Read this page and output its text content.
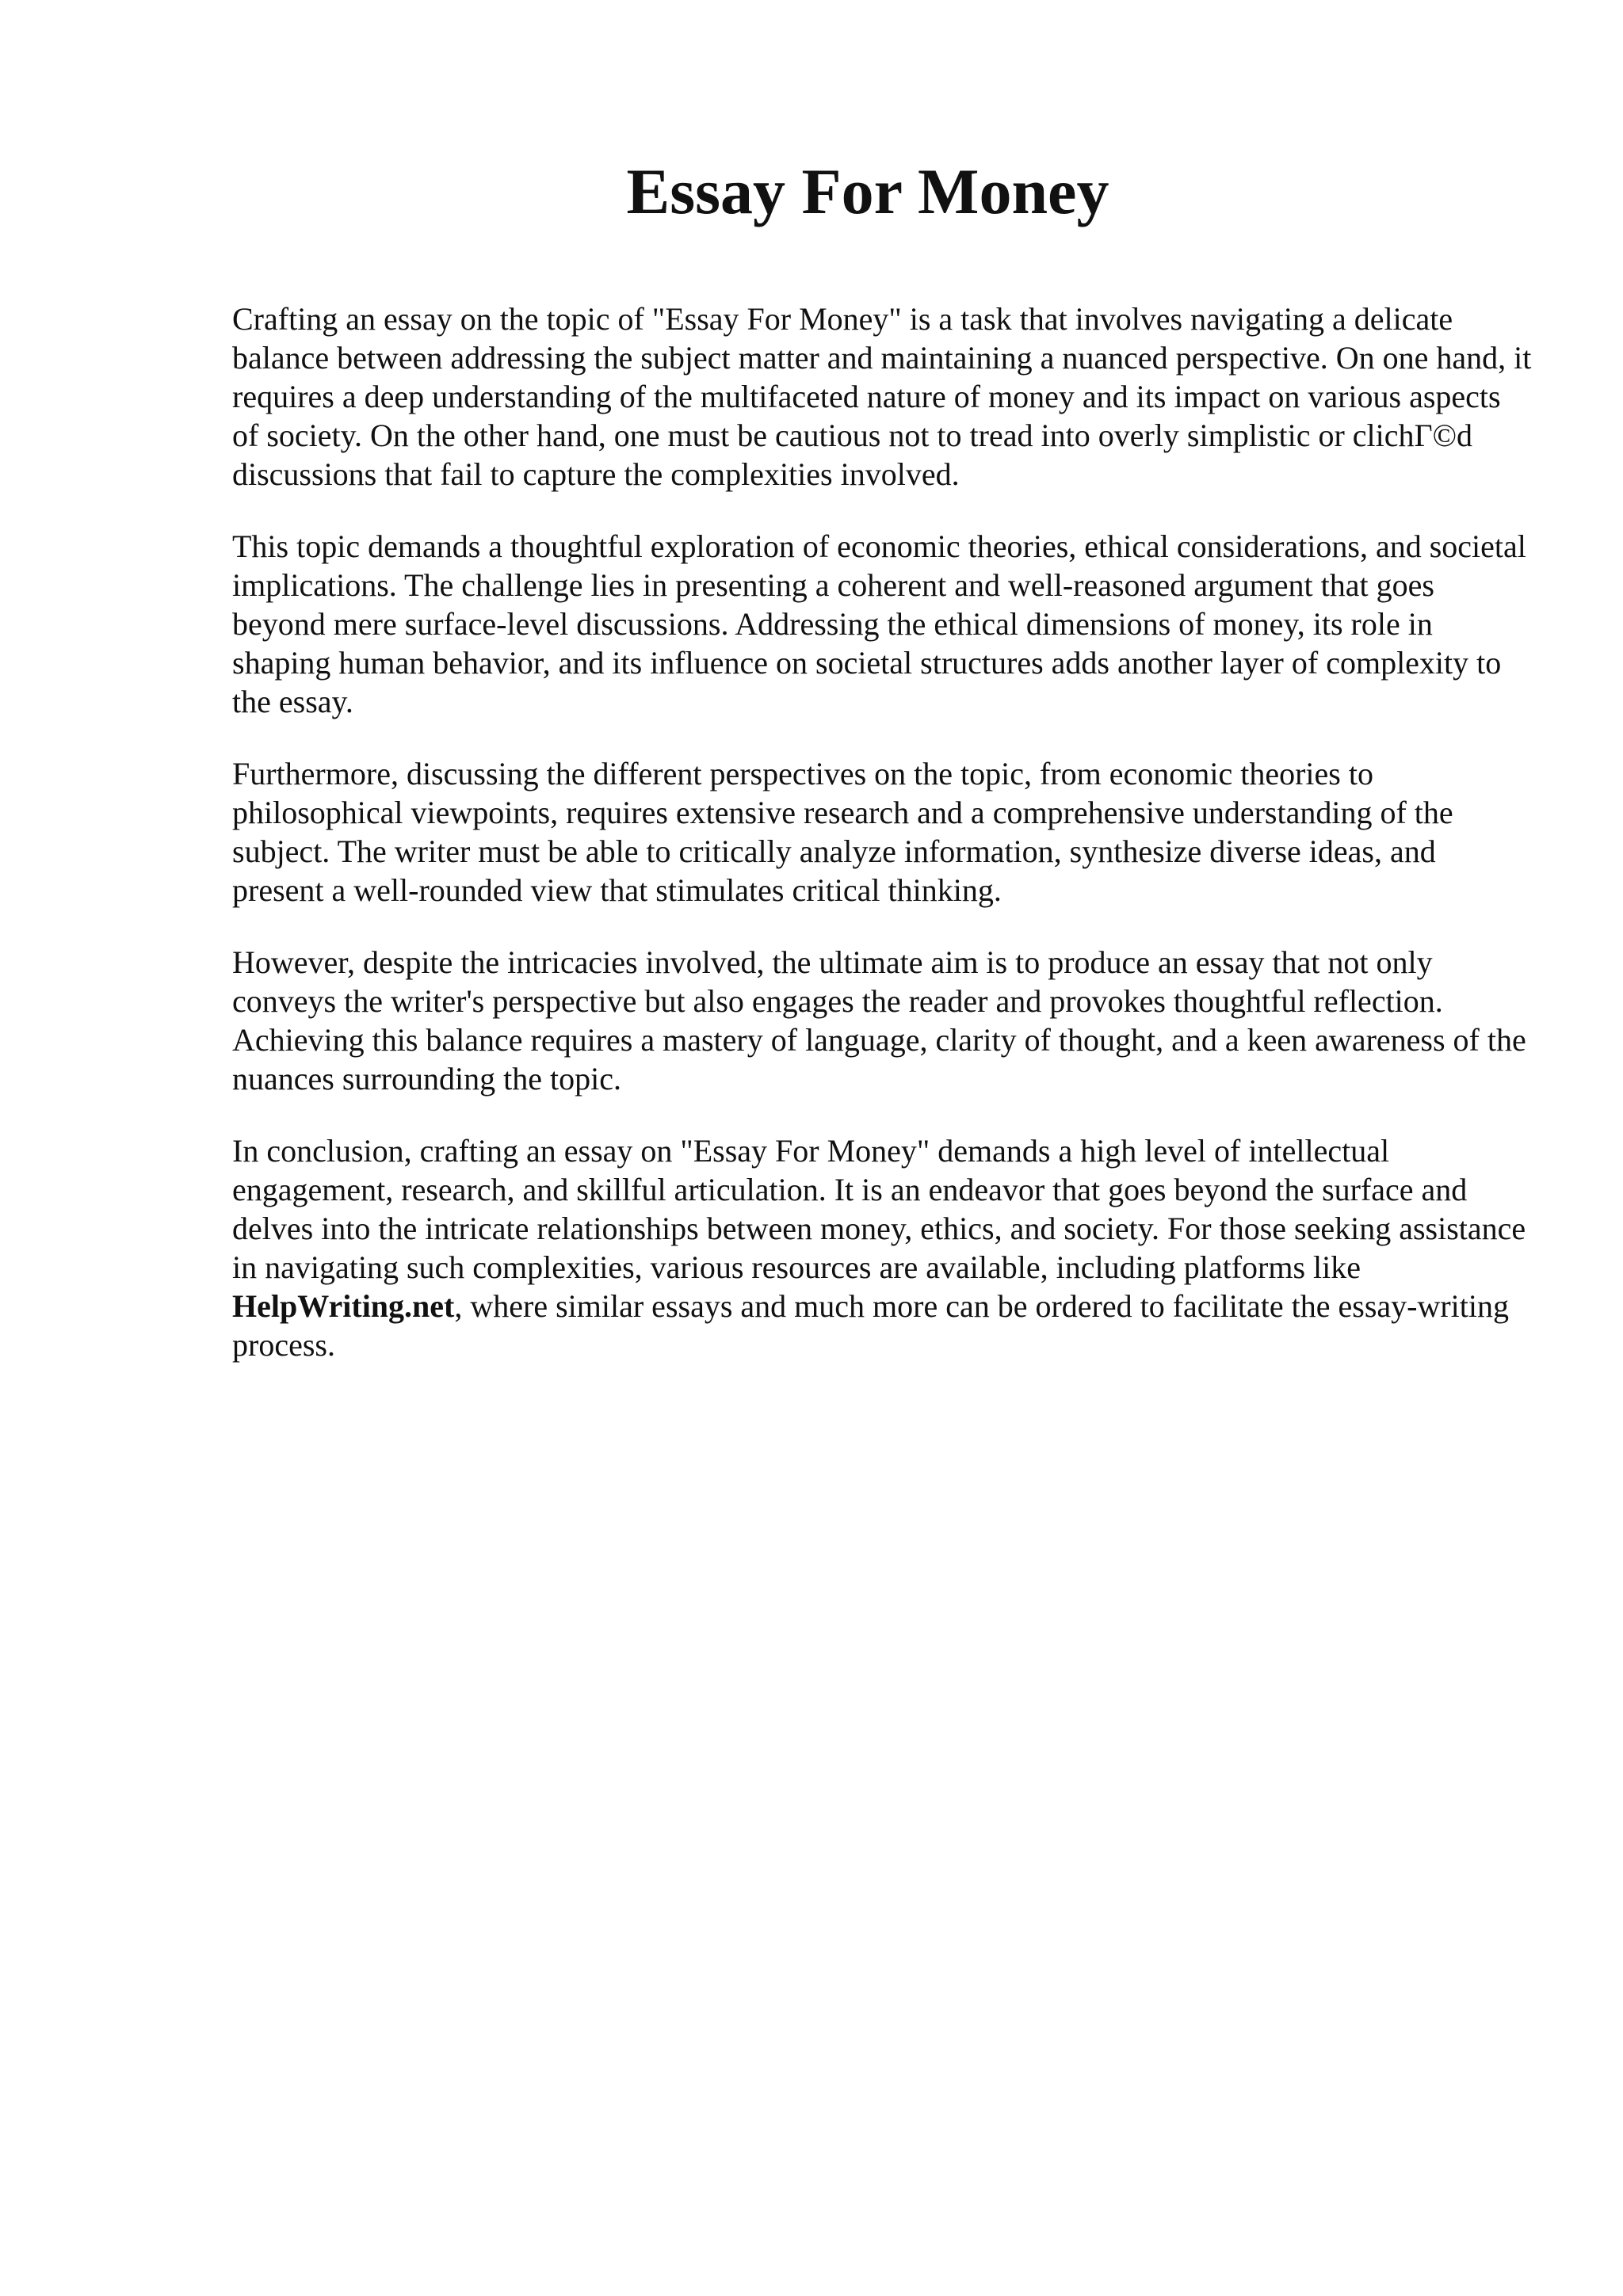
Essay For Money

Crafting an essay on the topic of "Essay For Money" is a task that involves navigating a delicate balance between addressing the subject matter and maintaining a nuanced perspective. On one hand, it requires a deep understanding of the multifaceted nature of money and its impact on various aspects of society. On the other hand, one must be cautious not to tread into overly simplistic or clichГ©d discussions that fail to capture the complexities involved.

This topic demands a thoughtful exploration of economic theories, ethical considerations, and societal implications. The challenge lies in presenting a coherent and well-reasoned argument that goes beyond mere surface-level discussions. Addressing the ethical dimensions of money, its role in shaping human behavior, and its influence on societal structures adds another layer of complexity to the essay.

Furthermore, discussing the different perspectives on the topic, from economic theories to philosophical viewpoints, requires extensive research and a comprehensive understanding of the subject. The writer must be able to critically analyze information, synthesize diverse ideas, and present a well-rounded view that stimulates critical thinking.

However, despite the intricacies involved, the ultimate aim is to produce an essay that not only conveys the writer's perspective but also engages the reader and provokes thoughtful reflection. Achieving this balance requires a mastery of language, clarity of thought, and a keen awareness of the nuances surrounding the topic.

In conclusion, crafting an essay on "Essay For Money" demands a high level of intellectual engagement, research, and skillful articulation. It is an endeavor that goes beyond the surface and delves into the intricate relationships between money, ethics, and society. For those seeking assistance in navigating such complexities, various resources are available, including platforms like HelpWriting.net, where similar essays and much more can be ordered to facilitate the essay-writing process.
